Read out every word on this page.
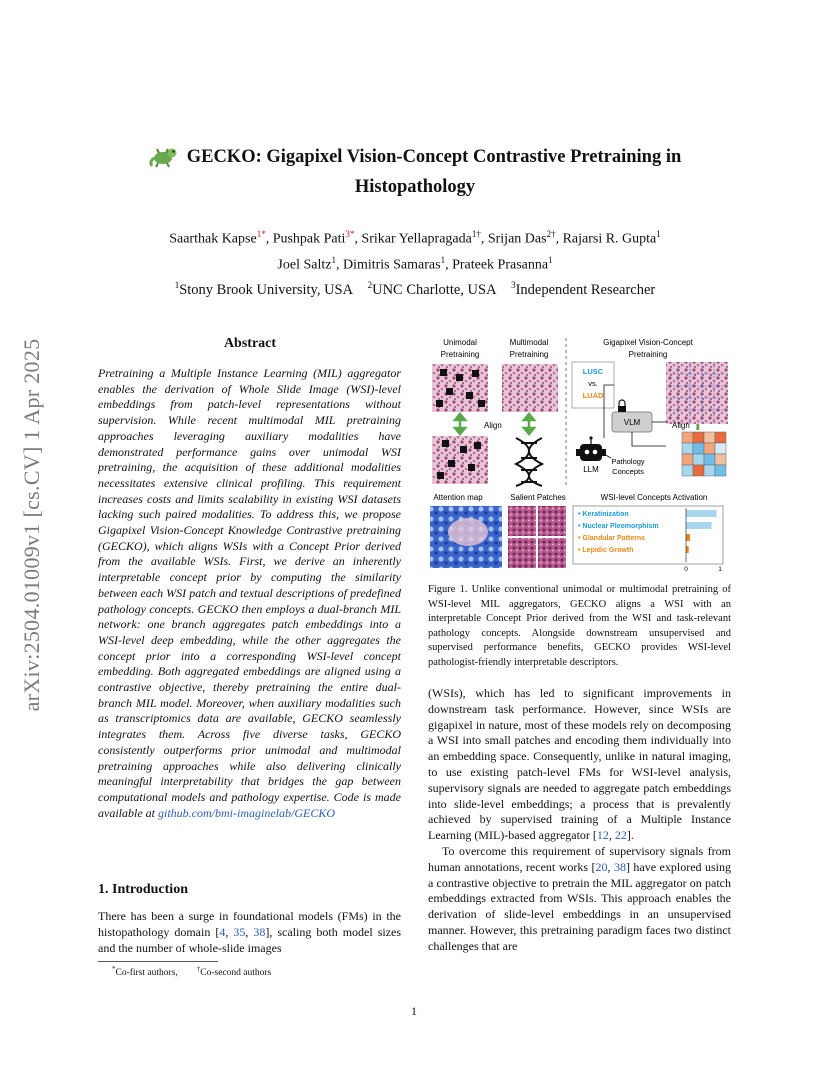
arXiv:2504.01009v1 [cs.CV] 1 Apr 2025
GECKO: Gigapixel Vision-Concept Contrastive Pretraining in
Histopathology
Saarthak Kapse$^{1*}$, Pushpak Pati$^{3*}$, Srikar Yellapragada$^{1\dagger}$, Srijan Das$^{2\dagger}$, Rajarsi R. Gupta$^1$
Joel Saltz$^1$, Dimitris Samaras$^1$, Prateek Prasanna$^1$
$^1$Stony Brook University, USA $^2$UNC Charlotte, USA $^3$Independent Researcher
Abstract
Pretraining a Multiple Instance Learning (MIL) aggregator enables the derivation of Whole Slide Image (WSI)-level embeddings from patch-level representations without supervision. While recent multimodal MIL pretraining approaches leveraging auxiliary modalities have demonstrated performance gains over unimodal WSI pretraining, the acquisition of these additional modalities necessitates extensive clinical profiling. This requirement increases costs and limits scalability in existing WSI datasets lacking such paired modalities. To address this, we propose Gigapixel Vision-Concept Knowledge Contrastive pretraining (GECKO), which aligns WSIs with a Concept Prior derived from the available WSIs. First, we derive an inherently interpretable concept prior by computing the similarity between each WSI patch and textual descriptions of predefined pathology concepts. GECKO then employs a dual-branch MIL network: one branch aggregates patch embeddings into a WSI-level deep embedding, while the other aggregates the concept prior into a corresponding WSI-level concept embedding. Both aggregated embeddings are aligned using a contrastive objective, thereby pretraining the entire dual-branch MIL model. Moreover, when auxiliary modalities such as transcriptomics data are available, GECKO seamlessly integrates them. Across five diverse tasks, GECKO consistently outperforms prior unimodal and multimodal pretraining approaches while also delivering clinically meaningful interpretability that bridges the gap between computational models and pathology expertise. Code is made available at github.com/bmi-imaginelab/GECKO
1. Introduction
There has been a surge in foundational models (FMs) in the histopathology domain [4, 35, 38], scaling both model sizes and the number of whole-slide images
*Co-first authors,	†Co-second authors
Unimodal
Pretraining
Multimodal
Pretraining
Gigapixel Vision-Concept
Pretraining
Align
LUSC
vs.
LUAD
VLM
LLM
Pathology
Concepts
Align
Attention map	Salient Patches	WSI-level Concepts Activation
• Keratinization
• Nuclear Pleomorphism
• Glandular Patterns
• Lepidic Growth
0	1
Figure 1. Unlike conventional unimodal or multimodal pretraining of WSI-level MIL aggregators, GECKO aligns a WSI with an interpretable Concept Prior derived from the WSI and task-relevant pathology concepts. Alongside downstream unsupervised and supervised performance benefits, GECKO provides WSI-level pathologist-friendly interpretable descriptors.

(WSIs), which has led to significant improvements in downstream task performance. However, since WSIs are gigapixel in nature, most of these models rely on decomposing a WSI into small patches and encoding them individually into an embedding space. Consequently, unlike in natural imaging, to use existing patch-level FMs for WSI-level analysis, supervisory signals are needed to aggregate patch embeddings into slide-level embeddings; a process that is prevalently achieved by supervised training of a Multiple Instance Learning (MIL)-based aggregator [12, 22].

To overcome this requirement of supervisory signals from human annotations, recent works [20, 38] have explored using a contrastive objective to pretrain the MIL aggregator on patch embeddings extracted from WSIs. This approach enables the derivation of slide-level embeddings in an unsupervised manner. However, this pretraining paradigm faces two distinct challenges that are

1
